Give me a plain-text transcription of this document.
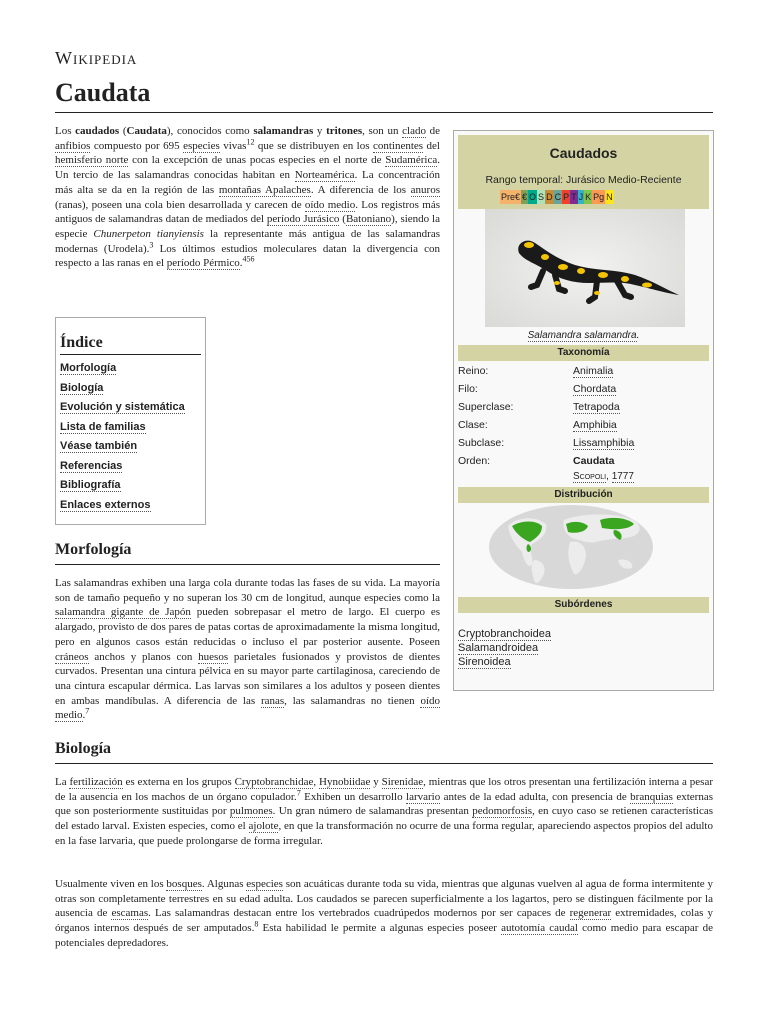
Wikipedia
Caudata

Los caudados (Caudata), conocidos como salamandras y tritones, son un clado de anfibios compuesto por 695 especies vivas$^{12}$ que se distribuyen en los continentes del hemisferio norte con la excepción de unas pocas especies en el norte de Sudamérica. Un tercio de las salamandras conocidas habitan en Norteamérica. La concentración más alta se da en la región de las montañas Apalaches. A diferencia de los anuros (ranas), poseen una cola bien desarrollada y carecen de oído medio. Los registros más antiguos de salamandras datan de mediados del período Jurásico (Batoniano), siendo la especie Chunerpeton tianyiensis la representante más antigua de las salamandras modernas (Urodela).$^3$ Los últimos estudios moleculares datan la divergencia con respecto a las ranas en el período Pérmico.$^{456}$

Índice
Morfología
Biología
Evolución y sistemática
Lista de familias
Véase también
Referencias
Bibliografía
Enlaces externos
Morfología

Las salamandras exhiben una larga cola durante todas las fases de su vida. La mayoría son de tamaño pequeño y no superan los 30 cm de longitud, aunque especies como la salamandra gigante de Japón pueden sobrepasar el metro de largo. El cuerpo es alargado, provisto de dos pares de patas cortas de aproximadamente la misma longitud, pero en algunos casos están reducidas o incluso el par posterior ausente. Poseen cráneos anchos y planos con huesos parietales fusionados y provistos de dientes curvados. Presentan una cintura pélvica en su mayor parte cartilaginosa, careciendo de una cintura escapular dérmica. Las larvas son similares a los adultos y poseen dientes en ambas mandíbulas. A diferencia de las ranas, las salamandras no tienen oído medio.$^7$

Biología

La fertilización es externa en los grupos Cryptobranchidae, Hynobiidae y Sirenidae, mientras que los otros presentan una fertilización interna a pesar de la ausencia en los machos de un órgano copulador.$^7$ Exhiben un desarrollo larvario antes de la edad adulta, con presencia de branquias externas que son posteriormente sustituidas por pulmones. Un gran número de salamandras presentan pedomorfosis, en cuyo caso se retienen características del estado larval. Existen especies, como el ajolote, en que la transformación no ocurre de una forma regular, apareciendo aspectos propios del adulto en la fase larvaria, que puede prolongarse de forma irregular.

Usualmente viven en los bosques. Algunas especies son acuáticas durante toda su vida, mientras que algunas vuelven al agua de forma intermitente y otras son completamente terrestres en su edad adulta. Los caudados se parecen superficialmente a los lagartos, pero se distinguen fácilmente por la ausencia de escamas. Las salamandras destacan entre los vertebrados cuadrúpedos modernos por ser capaces de regenerar extremidades, colas y órganos internos después de ser amputados.$^8$ Esta habilidad le permite a algunas especies poseer autotomía caudal como medio para escapar de potenciales depredadores.

Caudados
Rango temporal: Jurásico Medio-Reciente
Pre€ € O S D C P T J K Pg N
Salamandra salamandra.
Taxonomía
Reino:	Animalia
Filo:	Chordata
Superclase:	Tetrapoda
Clase:	Amphibia
Subclase:	Lissamphibia
Orden:	Caudata
Scopoli, 1777
Distribución
Subórdenes
Cryptobranchoidea
Salamandroidea
Sirenoidea
